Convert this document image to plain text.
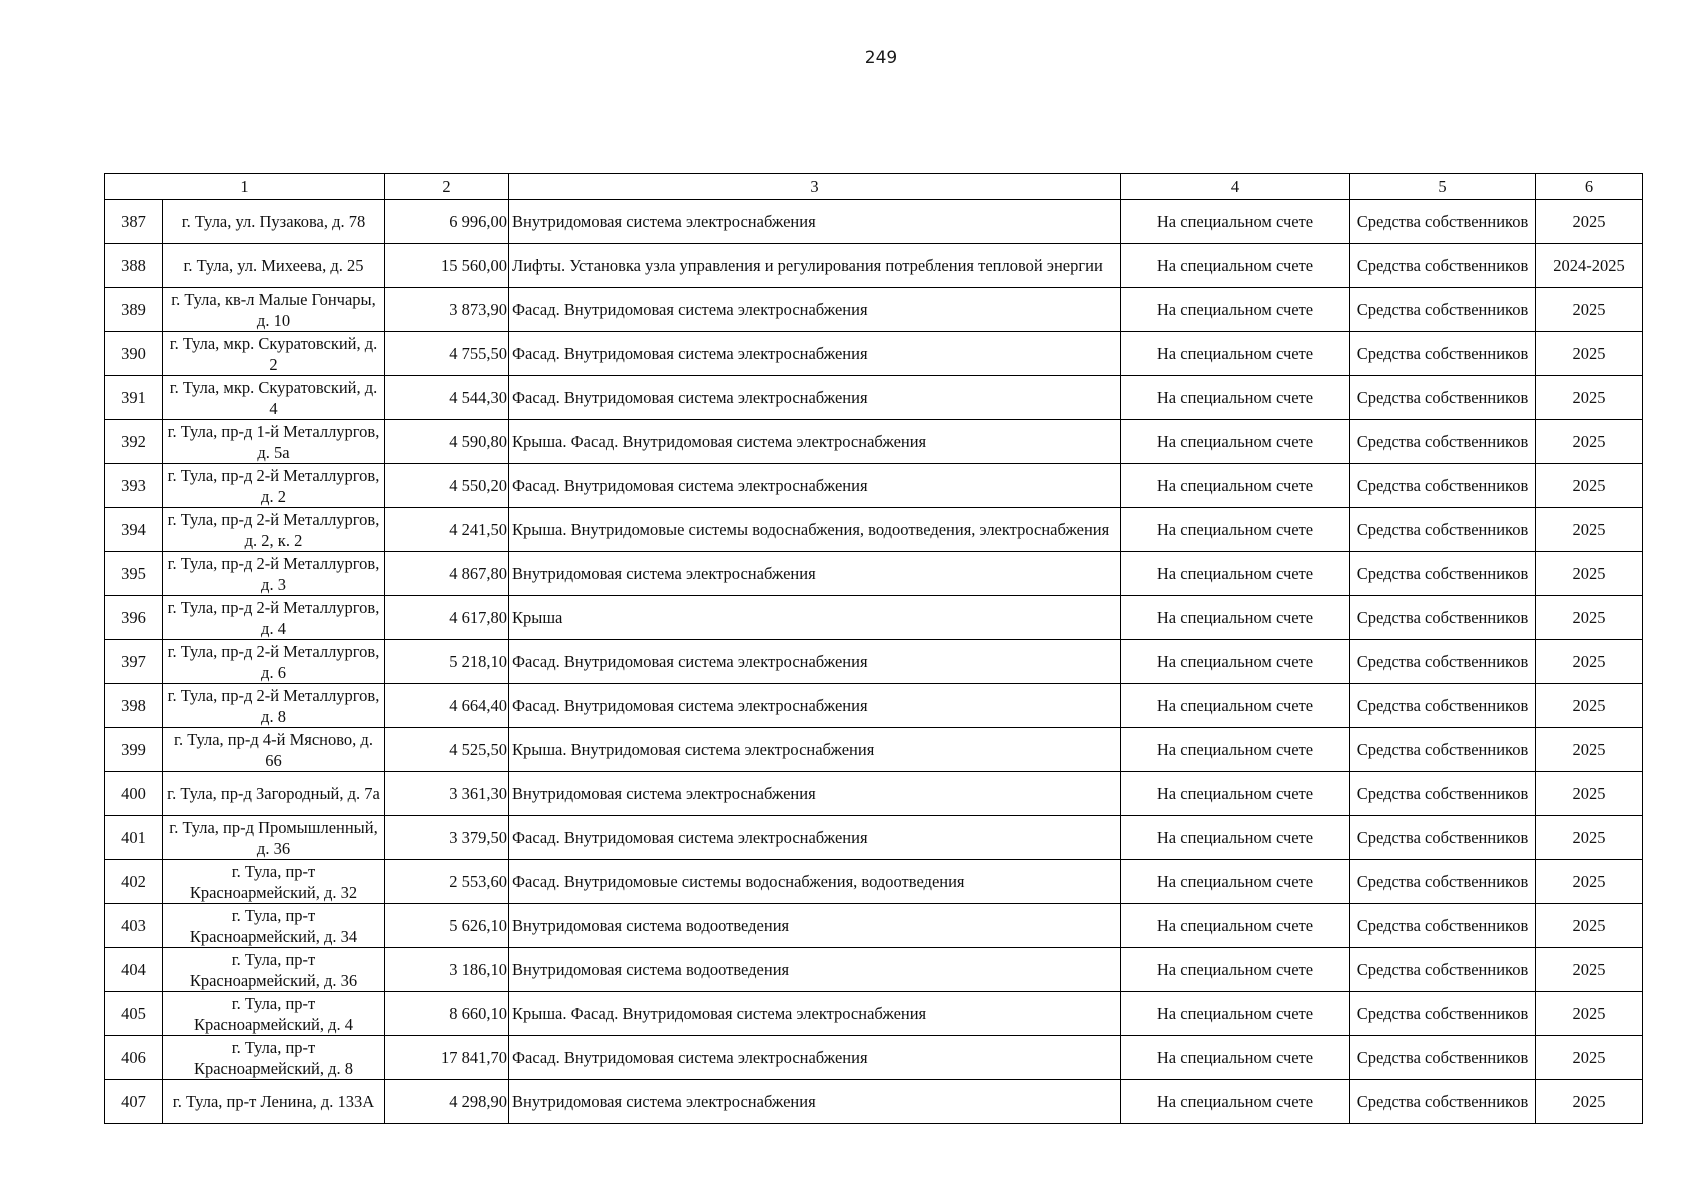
249
1		2	3	4	5	6
387	г. Тула, ул. Пузакова, д. 78	6 996,00	Внутридомовая система электроснабжения	На специальном счете	Средства собственников	2025
388	г. Тула, ул. Михеева, д. 25	15 560,00	Лифты. Установка узла управления и регулирования потребления тепловой энергии	На специальном счете	Средства собственников	2024-2025
389	г. Тула, кв-л Малые Гончары, д. 10	3 873,90	Фасад. Внутридомовая система электроснабжения	На специальном счете	Средства собственников	2025
390	г. Тула, мкр. Скуратовский, д. 2	4 755,50	Фасад. Внутридомовая система электроснабжения	На специальном счете	Средства собственников	2025
391	г. Тула, мкр. Скуратовский, д. 4	4 544,30	Фасад. Внутридомовая система электроснабжения	На специальном счете	Средства собственников	2025
392	г. Тула, пр-д 1-й Металлургов, д. 5а	4 590,80	Крыша. Фасад. Внутридомовая система электроснабжения	На специальном счете	Средства собственников	2025
393	г. Тула, пр-д 2-й Металлургов, д. 2	4 550,20	Фасад. Внутридомовая система электроснабжения	На специальном счете	Средства собственников	2025
394	г. Тула, пр-д 2-й Металлургов, д. 2, к. 2	4 241,50	Крыша. Внутридомовые системы водоснабжения, водоотведения, электроснабжения	На специальном счете	Средства собственников	2025
395	г. Тула, пр-д 2-й Металлургов, д. 3	4 867,80	Внутридомовая система электроснабжения	На специальном счете	Средства собственников	2025
396	г. Тула, пр-д 2-й Металлургов, д. 4	4 617,80	Крыша	На специальном счете	Средства собственников	2025
397	г. Тула, пр-д 2-й Металлургов, д. 6	5 218,10	Фасад. Внутридомовая система электроснабжения	На специальном счете	Средства собственников	2025
398	г. Тула, пр-д 2-й Металлургов, д. 8	4 664,40	Фасад. Внутридомовая система электроснабжения	На специальном счете	Средства собственников	2025
399	г. Тула, пр-д 4-й Мясново, д. 66	4 525,50	Крыша. Внутридомовая система электроснабжения	На специальном счете	Средства собственников	2025
400	г. Тула, пр-д Загородный, д. 7а	3 361,30	Внутридомовая система электроснабжения	На специальном счете	Средства собственников	2025
401	г. Тула, пр-д Промышленный, д. 36	3 379,50	Фасад. Внутридомовая система электроснабжения	На специальном счете	Средства собственников	2025
402	г. Тула, пр-т Красноармейский, д. 32	2 553,60	Фасад. Внутридомовые системы водоснабжения, водоотведения	На специальном счете	Средства собственников	2025
403	г. Тула, пр-т Красноармейский, д. 34	5 626,10	Внутридомовая система водоотведения	На специальном счете	Средства собственников	2025
404	г. Тула, пр-т Красноармейский, д. 36	3 186,10	Внутридомовая система водоотведения	На специальном счете	Средства собственников	2025
405	г. Тула, пр-т Красноармейский, д. 4	8 660,10	Крыша. Фасад. Внутридомовая система электроснабжения	На специальном счете	Средства собственников	2025
406	г. Тула, пр-т Красноармейский, д. 8	17 841,70	Фасад. Внутридомовая система электроснабжения	На специальном счете	Средства собственников	2025
407	г. Тула, пр-т Ленина, д. 133А	4 298,90	Внутридомовая система электроснабжения	На специальном счете	Средства собственников	2025
